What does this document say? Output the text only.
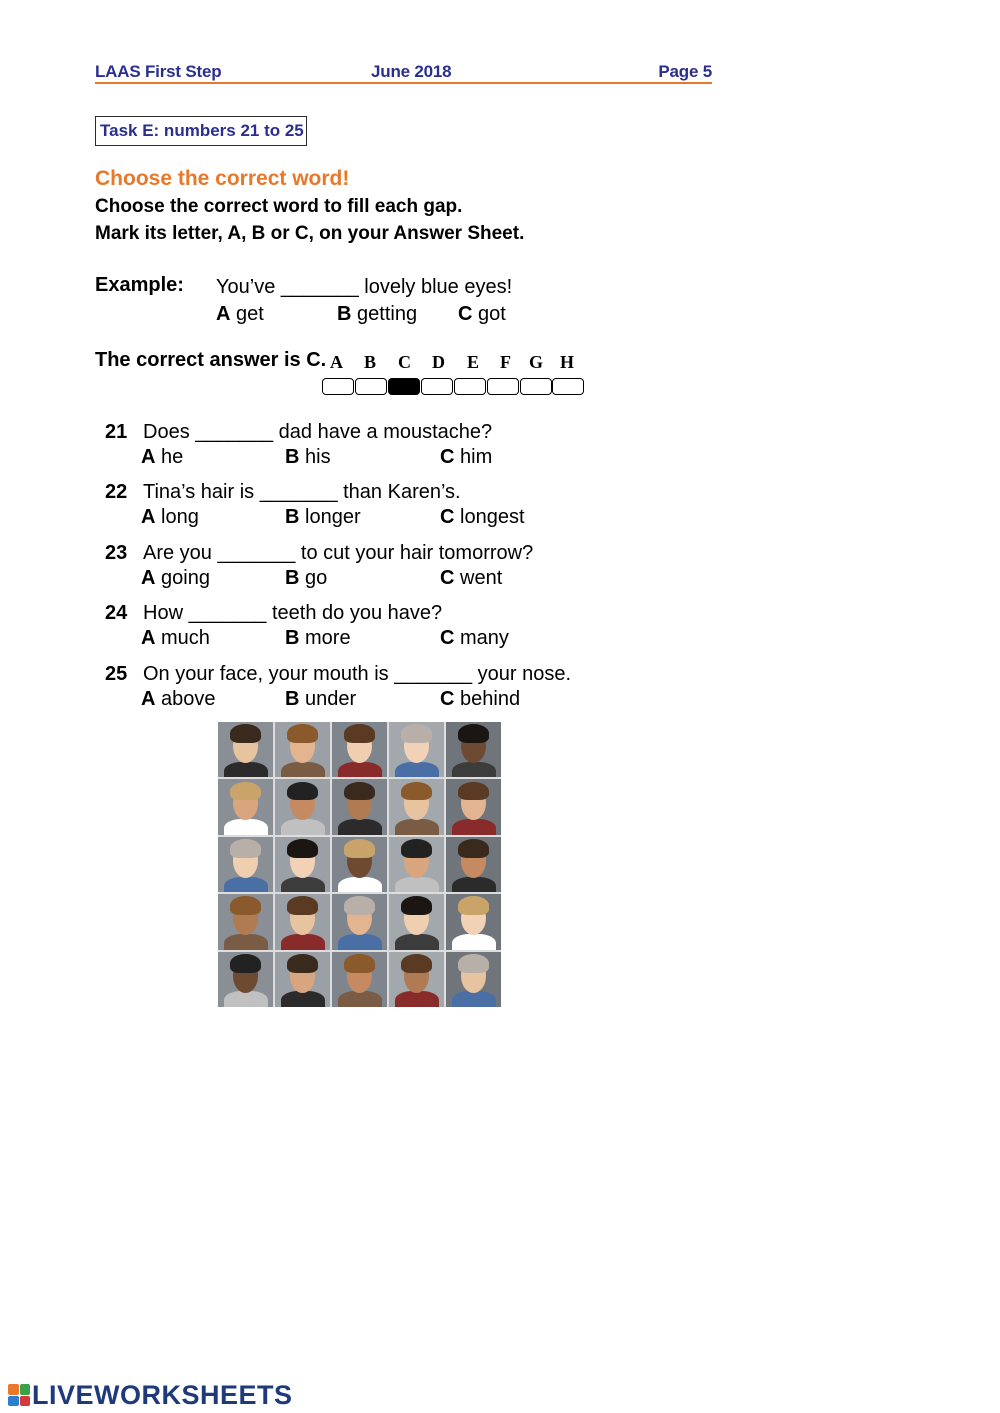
LAAS First Step	June 2018	Page 5
Task E: numbers 21 to 25
Choose the correct word!
Choose the correct word to fill each gap.
Mark its letter, A, B or C, on your Answer Sheet.
Example: You’ve _______ lovely blue eyes!
A get	B getting C got
The correct answer is C. A B C D E F G H
21 Does _______ dad have a moustache?
A he	B his	C him
22 Tina’s hair is _______ than Karen’s.
A long	B longer	C longest
23 Are you _______ to cut your hair tomorrow?
A going	B go	C went
24 How _______ teeth do you have?
A much	B more	C many
25 On your face, your mouth is _______ your nose.
A above	B under	C behind
LIVEWORKSHEETS
